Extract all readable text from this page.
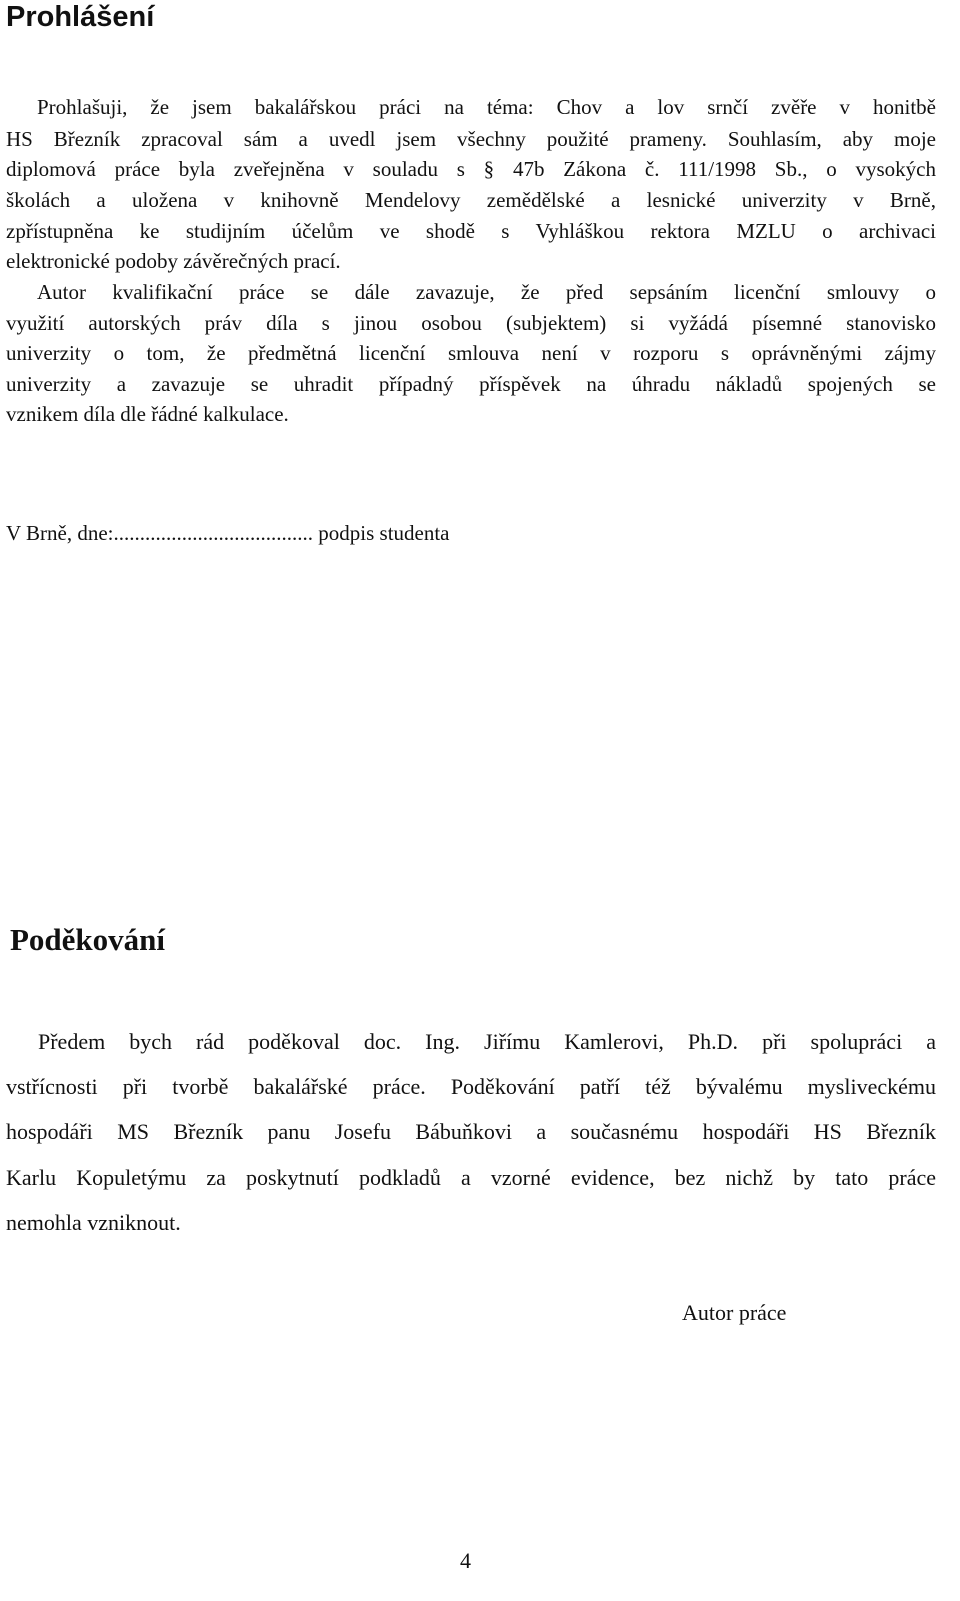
Prohlášení
Prohlašuji, že jsem bakalářskou práci na téma: Chov a lov srnčí zvěře v honitbě
HS Březník zpracoval sám a uvedl jsem všechny použité prameny. Souhlasím, aby moje
diplomová práce byla zveřejněna v souladu s § 47b Zákona č. 111/1998 Sb., o vysokých
školách a uložena v knihovně Mendelovy zemědělské a lesnické univerzity v Brně,
zpřístupněna ke studijním účelům ve shodě s Vyhláškou rektora MZLU o archivaci
elektronické podoby závěrečných prací.
Autor kvalifikační práce se dále zavazuje, že před sepsáním licenční smlouvy o
využití autorských práv díla s jinou osobou (subjektem) si vyžádá písemné stanovisko
univerzity o tom, že předmětná licenční smlouva není v rozporu s oprávněnými zájmy
univerzity a zavazuje se uhradit případný příspěvek na úhradu nákladů spojených se
vznikem díla dle řádné kalkulace.
V Brně, dne:...................................... podpis studenta
Poděkování
Předem bych rád poděkoval doc. Ing. Jiřímu Kamlerovi, Ph.D. při spolupráci a
vstřícnosti při tvorbě bakalářské práce. Poděkování patří též bývalému mysliveckému
hospodáři MS Březník panu Josefu Bábuňkovi a současnému hospodáři HS Březník
Karlu Kopuletýmu za poskytnutí podkladů a vzorné evidence, bez nichž by tato práce
nemohla vzniknout.
Autor práce
4
